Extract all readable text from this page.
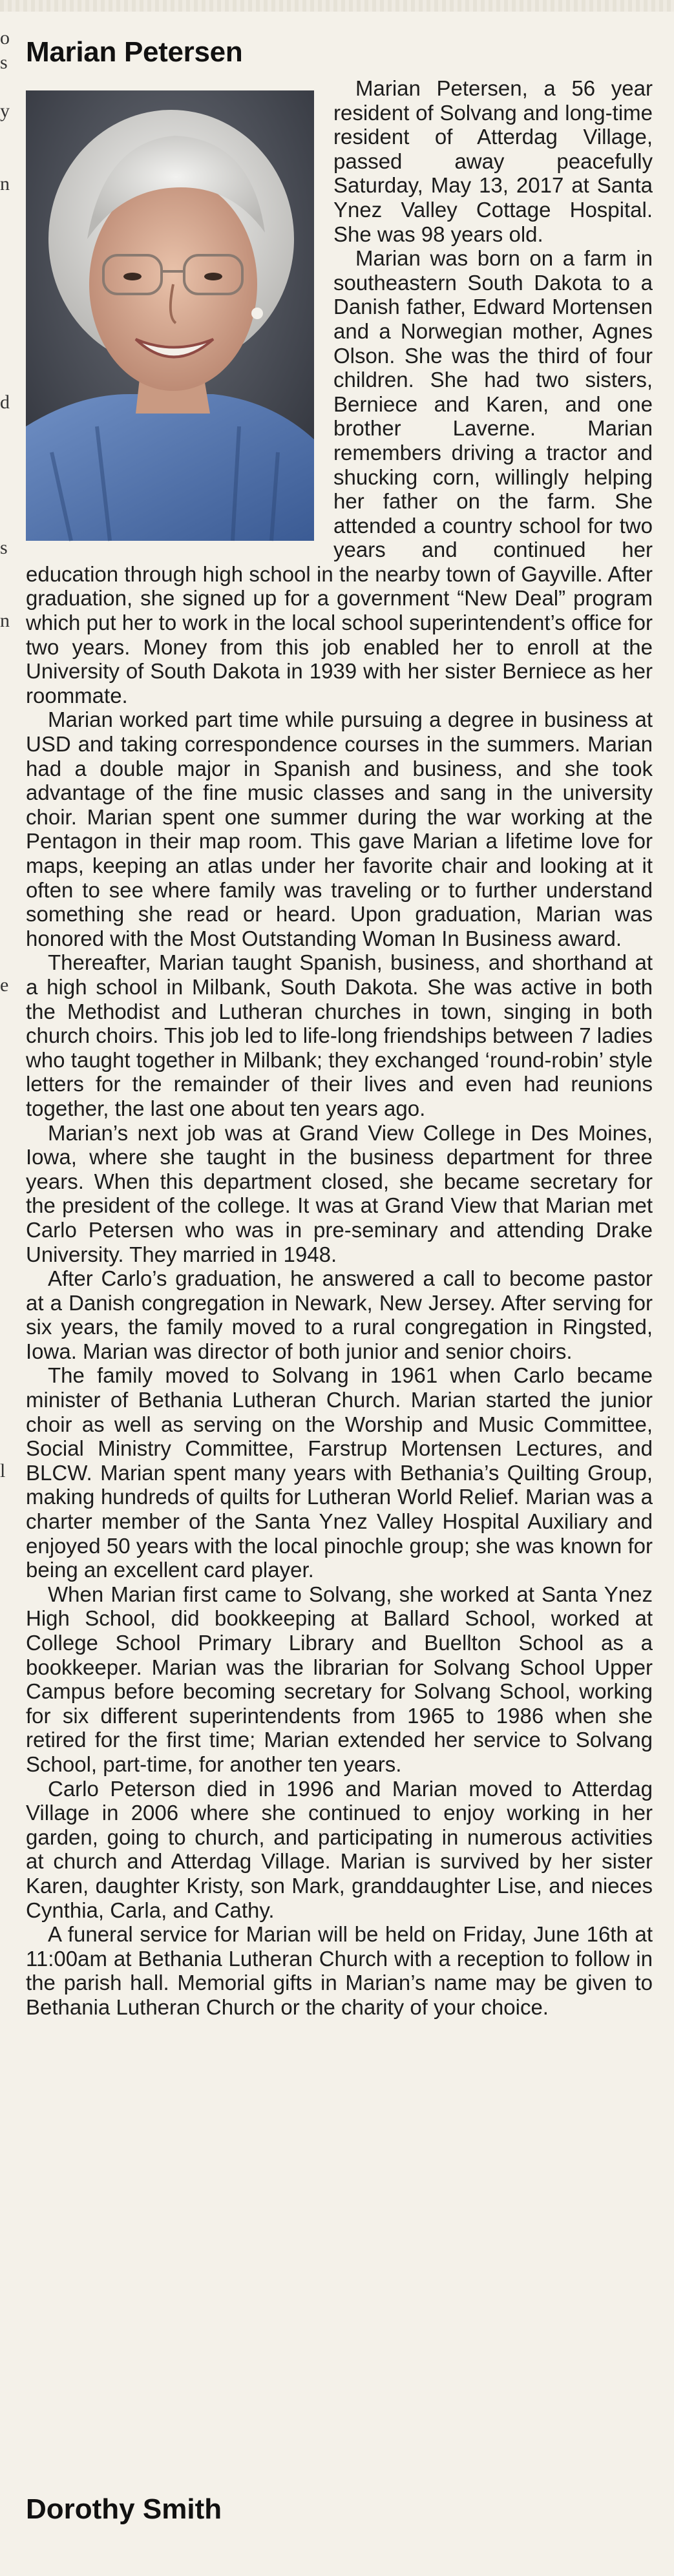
o
s
y
n
d
s
n
e
l
Marian Petersen

Marian Petersen, a 56 year resident of Solvang and long-time resident of Atterdag Village, passed away peacefully Saturday, May 13, 2017 at Santa Ynez Valley Cottage Hospital. She was 98 years old.

Marian was born on a farm in southeastern South Dakota to a Danish father, Edward Mortensen and a Norwegian mother, Agnes Olson. She was the third of four children. She had two sisters, Berniece and Karen, and one brother Laverne. Marian remembers driving a tractor and shucking corn, willingly helping her father on the farm. She attended a country school for two years and continued her education through high school in the nearby town of Gayville. After graduation, she signed up for a government “New Deal” program which put her to work in the local school superintendent’s office for two years. Money from this job enabled her to enroll at the University of South Dakota in 1939 with her sister Berniece as her roommate.

Marian worked part time while pursuing a degree in business at USD and taking correspondence courses in the summers. Marian had a double major in Spanish and business, and she took advantage of the fine music classes and sang in the university choir. Marian spent one summer during the war working at the Pentagon in their map room. This gave Marian a lifetime love for maps, keeping an atlas under her favorite chair and looking at it often to see where family was traveling or to further understand something she read or heard. Upon graduation, Marian was honored with the Most Outstanding Woman In Business award.

Thereafter, Marian taught Spanish, business, and shorthand at a high school in Milbank, South Dakota. She was active in both the Methodist and Lutheran churches in town, singing in both church choirs. This job led to life-long friendships between 7 ladies who taught together in Milbank; they exchanged ‘round-robin’ style letters for the remainder of their lives and even had reunions together, the last one about ten years ago.

Marian’s next job was at Grand View College in Des Moines, Iowa, where she taught in the business department for three years. When this department closed, she became secretary for the president of the college. It was at Grand View that Marian met Carlo Petersen who was in pre-seminary and attending Drake University. They married in 1948.

After Carlo’s graduation, he answered a call to become pastor at a Danish congregation in Newark, New Jersey. After serving for six years, the family moved to a rural congregation in Ringsted, Iowa. Marian was director of both junior and senior choirs.

The family moved to Solvang in 1961 when Carlo became minister of Bethania Lutheran Church. Marian started the junior choir as well as serving on the Worship and Music Committee, Social Ministry Committee, Farstrup Mortensen Lectures, and BLCW. Marian spent many years with Bethania’s Quilting Group, making hundreds of quilts for Lutheran World Relief. Marian was a charter member of the Santa Ynez Valley Hospital Auxiliary and enjoyed 50 years with the local pinochle group; she was known for being an excellent card player.

When Marian first came to Solvang, she worked at Santa Ynez High School, did bookkeeping at Ballard School, worked at College School Primary Library and Buellton School as a bookkeeper. Marian was the librarian for Solvang School Upper Campus before becoming secretary for Solvang School, working for six different superintendents from 1965 to 1986 when she retired for the first time; Marian extended her service to Solvang School, part-time, for another ten years.

Carlo Peterson died in 1996 and Marian moved to Atterdag Village in 2006 where she continued to enjoy working in her garden, going to church, and participating in numerous activities at church and Atterdag Village. Marian is survived by her sister Karen, daughter Kristy, son Mark, granddaughter Lise, and nieces Cynthia, Carla, and Cathy.

A funeral service for Marian will be held on Friday, June 16th at 11:00am at Bethania Lutheran Church with a reception to follow in the parish hall. Memorial gifts in Marian’s name may be given to Bethania Lutheran Church or the charity of your choice.

Dorothy Smith
